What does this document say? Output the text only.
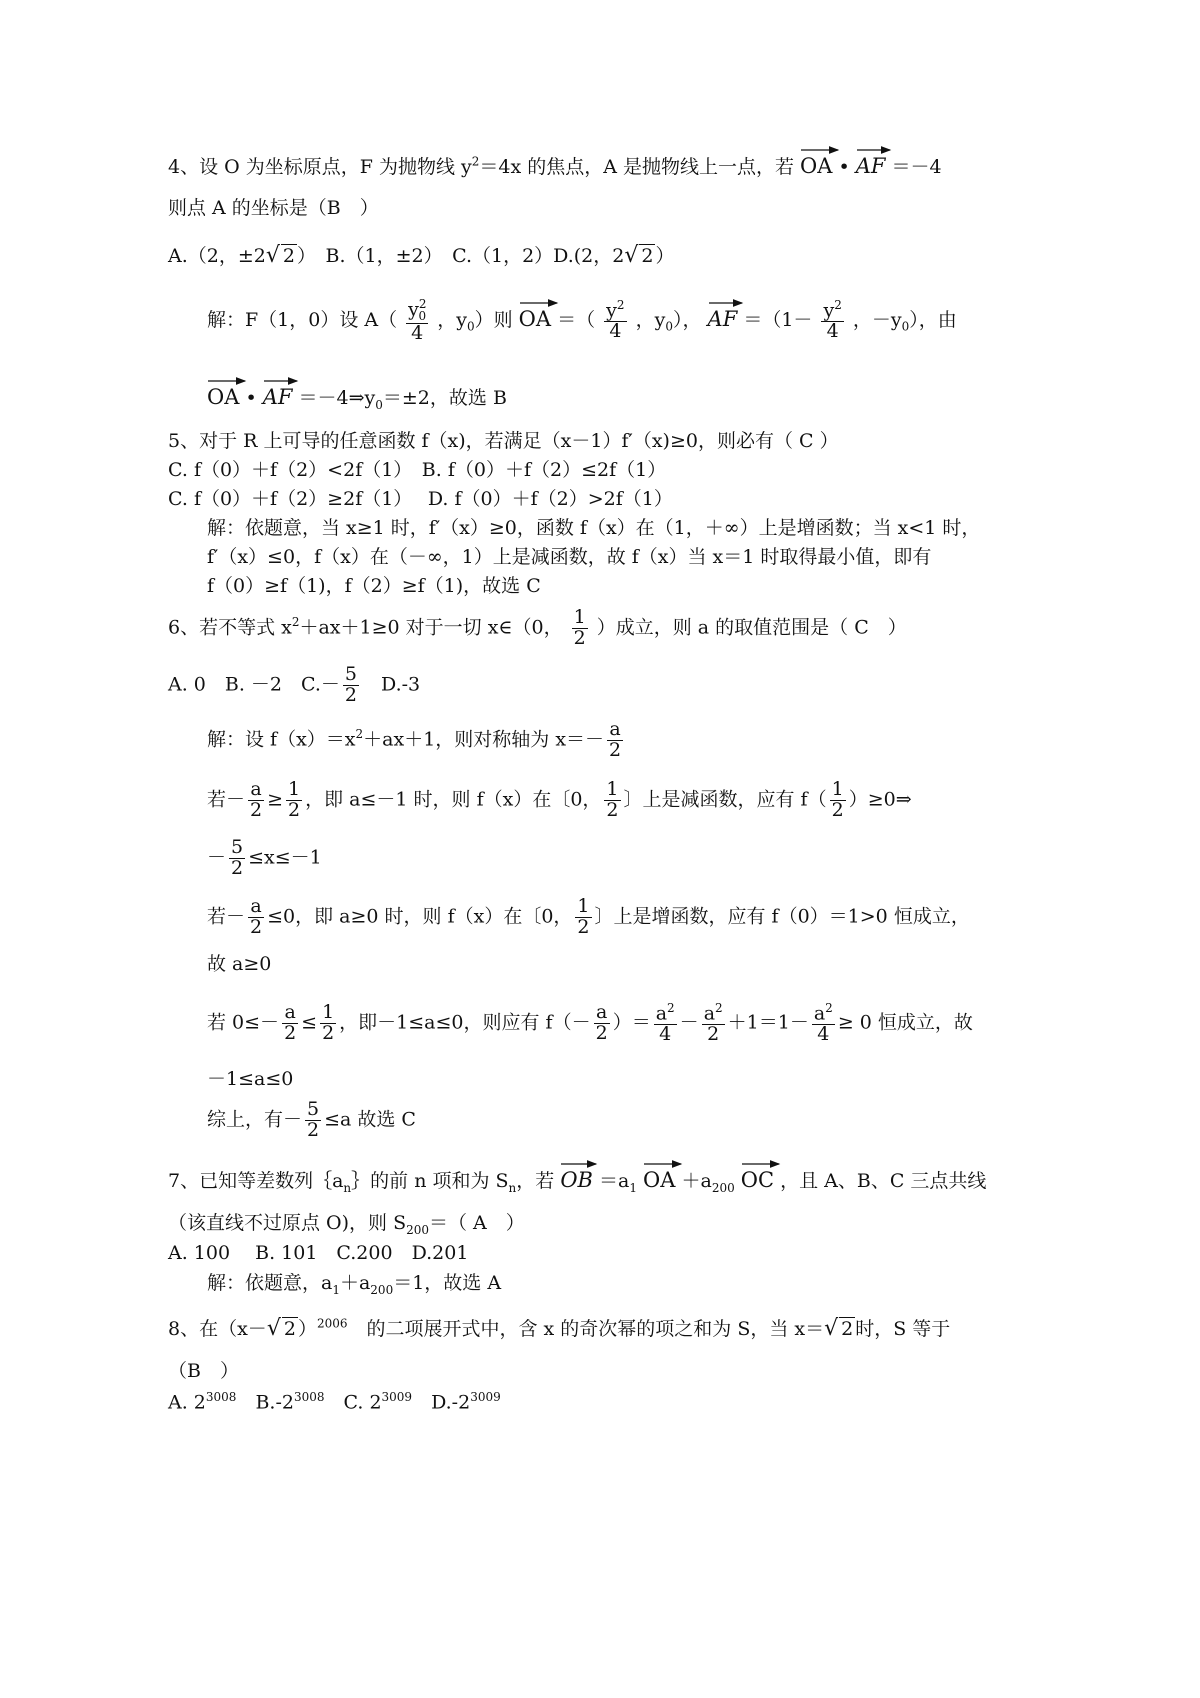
4、设 O 为坐标原点，F 为抛物线 $y^2=4x$ 的焦点，A 是抛物线上一点，若 OA • AF ＝－4
则点 A 的坐标是（B　）
A.（2，±2√ 2 ）　B.（1，±2）　C.（1，2）D.(2，2√ 2 ）
解：F（1，0）设 $A( \frac{y^2_0}{4}$ ，$y_0$）则 OA ＝（ $\frac{y^2}{4}$ ，$y_0$）， AF $=(1- \frac{y^2}{4}$ ，$-y_0$），由
OA • AF $=-4\Rightarrow y_0=\pm 2$，故选 B
5、对于 R 上可导的任意函数 f（x)，若满足（x－1）f′（x)≥0，则必有（ C ）
C. f（0）＋f（2）<2f（1）　B. f（0）＋f（2）≤2f（1）
C. f（0）＋f（2）≥2f（1）　 D. f（0）＋f（2）>2f（1）
解：依题意，当 x≥1 时，f′（x）≥0，函数 f（x）在（1，＋∞）上是增函数；当 x<1 时，
f′（x）≤0，f（x）在（－∞，1）上是减函数，故 f（x）当 x＝1 时取得最小值，即有
f（0）≥f（1)，f（2）≥f（1)，故选 C
6、若不等式 $x^2+ax+1\ge 0$ 对于一切 x∈（0， $\frac{1}{2}$ ）成立，则 a 的取值范围是（ C　）
A. 0　B. －2　$C.- \frac{5}{2}$ 　D.-3
解：设 $f(x)=x^2+ax+1$，则对称轴为 $x=- \frac{a}{2}$
若－ $\frac{a}{2} \ge \frac{1}{2}$ ，即 a≤－1 时，则 f（x）在〔0， $\frac{1}{2}$ 〕上是减函数，应有 $f( \frac{1}{2}$ ）≥0⇒
－ $\frac{5}{2} \le x\le-1$
若－ $\frac{a}{2} \le 0$，即 a≥0 时，则 f（x）在〔0， $\frac{1}{2}$ 〕上是增函数，应有 f（0）＝1>0 恒成立，
故 a≥0
若 $0\le- \frac{a}{2} \le \frac{1}{2}$ ，即－1≤a≤0，则应有 $f(- \frac{a}{2}$ ）＝ $\frac{a^2}{4} - \frac{a^2}{2} +1=1- \frac{a^2}{4} \ge 0$ 恒成立，故
－1≤a≤0
综上，有－ $\frac{5}{2} \le a$ 故选 C
7、已知等差数列$\{a_n\}$的前 n 项和为 $S_n$，若 OB $=a_1$ OA $+a_{200}$ OC ，且 A、B、C 三点共线
（该直线不过原点 O)，则 $S_{200}=$（ A　）
A. 100　 B. 101　C.200　D.201
解：依题意，$a_1+a_{200}=1$，故选 A
8、在（x－√ 2 ）$^{2006}$　的二项展开式中，含 x 的奇次幂的项之和为 S，当 x＝√ 2 时，S 等于
（B　）
A. $2^{3008}$　$B.-2^{3008}$　C. $2^{3009}$　$D.-2^{3009}$
